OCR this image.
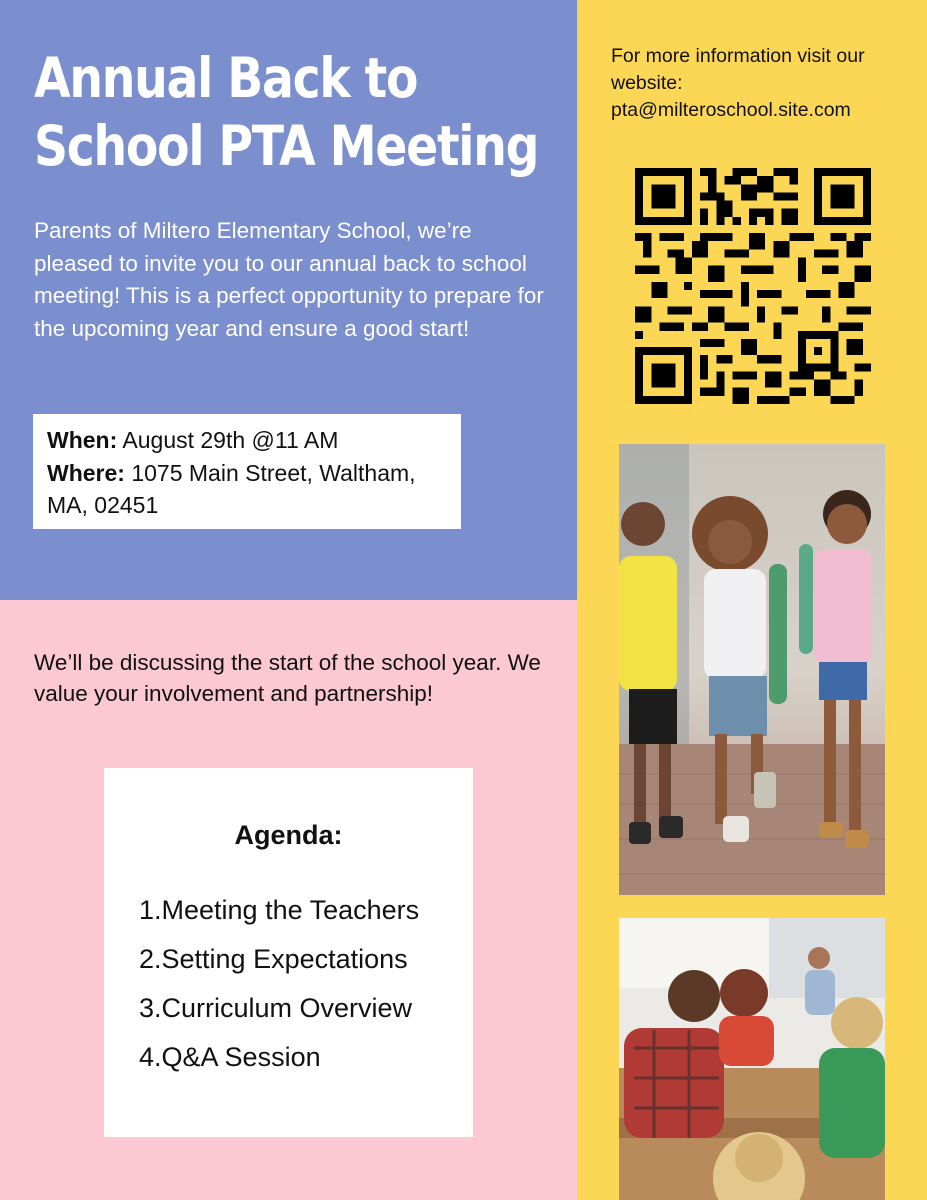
Annual Back to
School PTA Meeting

Parents of Miltero Elementary School, we’re pleased to invite you to our annual back to school meeting! This is a perfect opportunity to prepare for the upcoming year and ensure a good start!

When: August 29th @11 AM
Where: 1075 Main Street, Waltham, MA, 02451

We’ll be discussing the start of the school year. We value your involvement and partnership!

Agenda:
1.Meeting the Teachers
2.Setting Expectations
3.Curriculum Overview
4.Q&A Session

For more information visit our website:
pta@milteroschool.site.com
